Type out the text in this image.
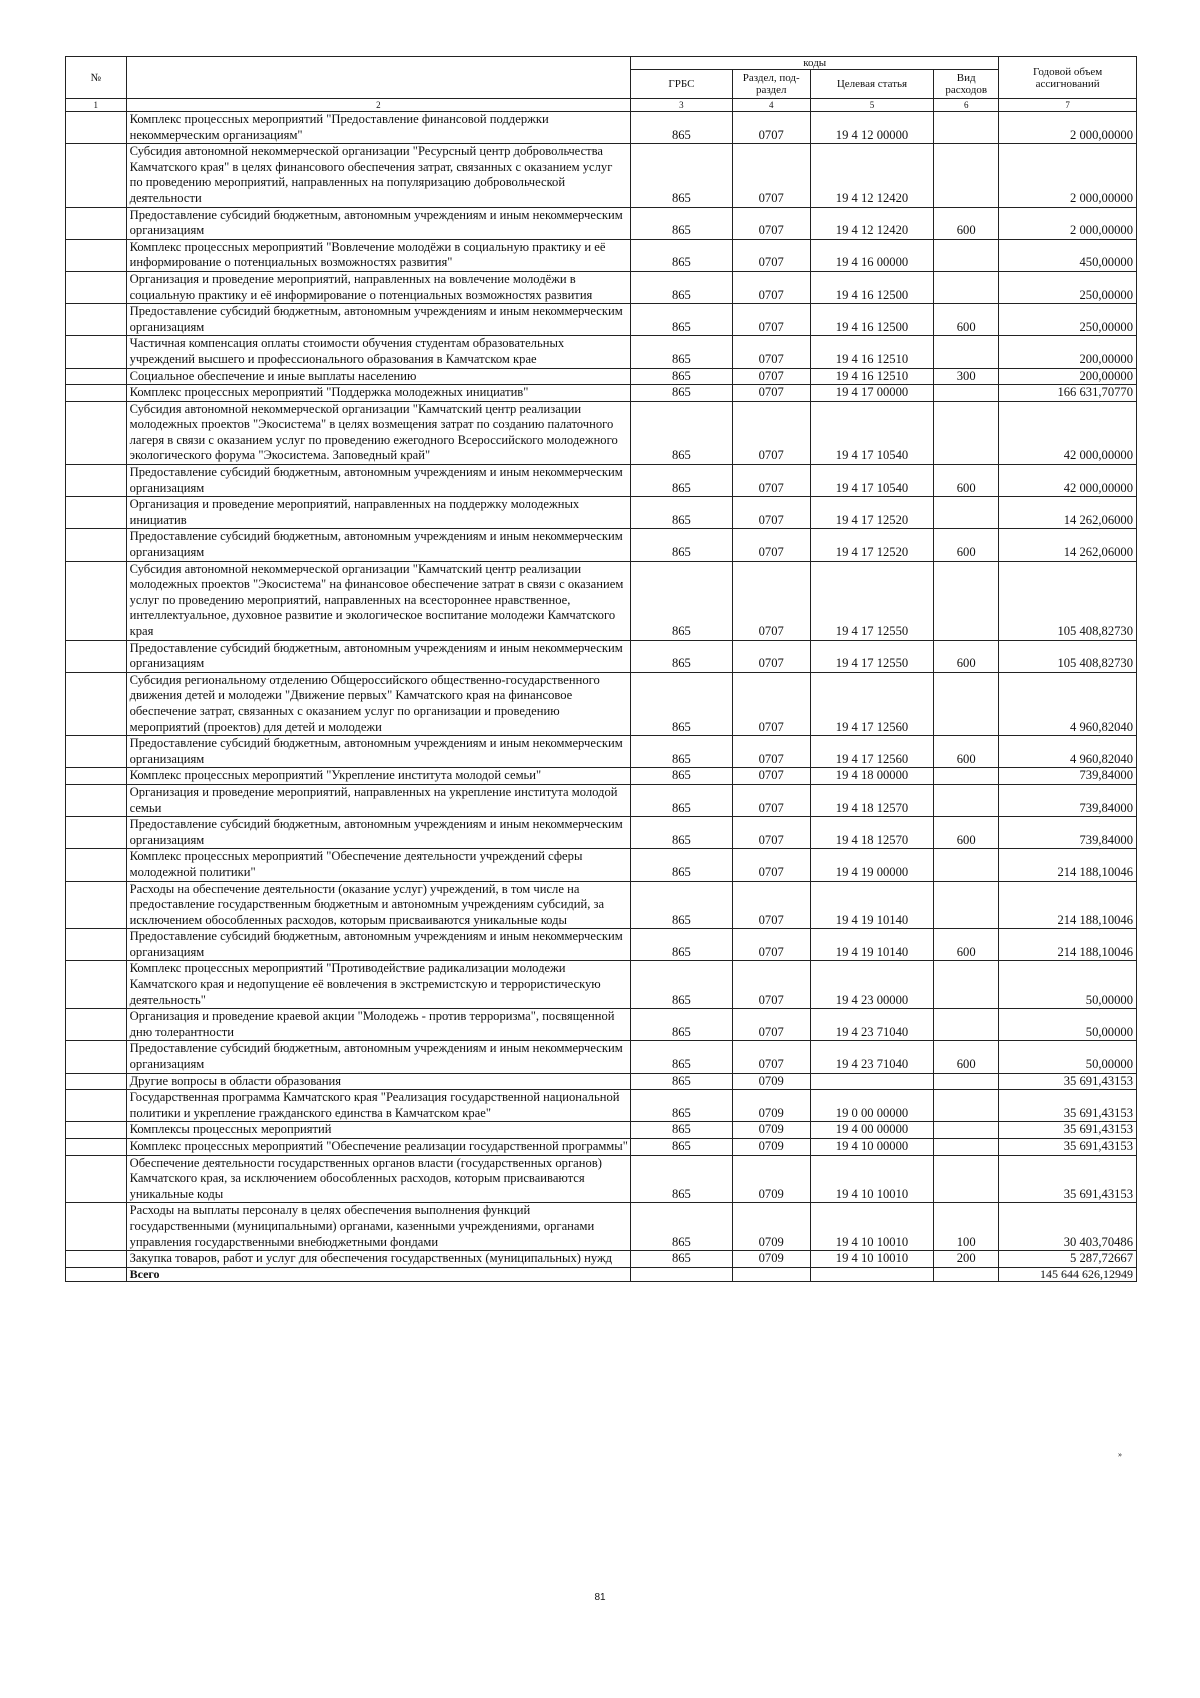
№		коды				Годовой объем ассигнований
		ГРБС	Раздел, под-раздел	Целевая статья	Вид расходов	
1	2	3	4	5	6	7
	Комплекс процессных мероприятий "Предоставление финансовой поддержки некоммерческим организациям"	865	0707	19 4 12 00000		2 000,00000
	Субсидия автономной некоммерческой организации "Ресурсный центр добровольчества Камчатского края" в целях финансового обеспечения затрат, связанных с оказанием услуг по проведению мероприятий, направленных на популяризацию добровольческой деятельности	865	0707	19 4 12 12420		2 000,00000
	Предоставление субсидий бюджетным, автономным учреждениям и иным некоммерческим организациям	865	0707	19 4 12 12420	600	2 000,00000
	Комплекс процессных мероприятий "Вовлечение молодёжи в социальную практику и её информирование о потенциальных возможностях развития"	865	0707	19 4 16 00000		450,00000
	Организация и проведение мероприятий, направленных на вовлечение молодёжи в социальную практику и её информирование о потенциальных возможностях развития	865	0707	19 4 16 12500		250,00000
	Предоставление субсидий бюджетным, автономным учреждениям и иным некоммерческим организациям	865	0707	19 4 16 12500	600	250,00000
	Частичная компенсация оплаты стоимости обучения студентам образовательных учреждений высшего и профессионального образования в Камчатском крае	865	0707	19 4 16 12510		200,00000
	Социальное обеспечение и иные выплаты населению	865	0707	19 4 16 12510	300	200,00000
	Комплекс процессных мероприятий "Поддержка молодежных инициатив"	865	0707	19 4 17 00000		166 631,70770
	Субсидия автономной некоммерческой организации "Камчатский центр реализации молодежных проектов "Экосистема" в целях возмещения затрат по созданию палаточного лагеря в связи с оказанием услуг по проведению ежегодного Всероссийского молодежного экологического форума "Экосистема. Заповедный край"	865	0707	19 4 17 10540		42 000,00000
	Предоставление субсидий бюджетным, автономным учреждениям и иным некоммерческим организациям	865	0707	19 4 17 10540	600	42 000,00000
	Организация и проведение мероприятий, направленных на поддержку молодежных инициатив	865	0707	19 4 17 12520		14 262,06000
	Предоставление субсидий бюджетным, автономным учреждениям и иным некоммерческим организациям	865	0707	19 4 17 12520	600	14 262,06000
	Субсидия автономной некоммерческой организации "Камчатский центр реализации молодежных проектов "Экосистема" на финансовое обеспечение затрат в связи с оказанием услуг по проведению мероприятий, направленных на всестороннее нравственное, интеллектуальное, духовное развитие и экологическое воспитание молодежи Камчатского края	865	0707	19 4 17 12550		105 408,82730
	Предоставление субсидий бюджетным, автономным учреждениям и иным некоммерческим организациям	865	0707	19 4 17 12550	600	105 408,82730
	Субсидия региональному отделению Общероссийского общественно-государственного движения детей и молодежи "Движение первых" Камчатского края на финансовое обеспечение затрат, связанных с оказанием услуг по организации и проведению мероприятий (проектов) для детей и молодежи	865	0707	19 4 17 12560		4 960,82040
	Предоставление субсидий бюджетным, автономным учреждениям и иным некоммерческим организациям	865	0707	19 4 17 12560	600	4 960,82040
	Комплекс процессных мероприятий "Укрепление института молодой семьи"	865	0707	19 4 18 00000		739,84000
	Организация и проведение мероприятий, направленных на укрепление института молодой семьи	865	0707	19 4 18 12570		739,84000
	Предоставление субсидий бюджетным, автономным учреждениям и иным некоммерческим организациям	865	0707	19 4 18 12570	600	739,84000
	Комплекс процессных мероприятий "Обеспечение деятельности учреждений сферы молодежной политики"	865	0707	19 4 19 00000		214 188,10046
	Расходы на обеспечение деятельности (оказание услуг) учреждений, в том числе на предоставление государственным бюджетным и автономным учреждениям субсидий, за исключением обособленных расходов, которым присваиваются уникальные коды	865	0707	19 4 19 10140		214 188,10046
	Предоставление субсидий бюджетным, автономным учреждениям и иным некоммерческим организациям	865	0707	19 4 19 10140	600	214 188,10046
	Комплекс процессных мероприятий "Противодействие радикализации молодежи Камчатского края и недопущение её вовлечения в экстремистскую и террористическую деятельность"	865	0707	19 4 23 00000		50,00000
	Организация и проведение краевой акции "Молодежь - против терроризма", посвященной дню толерантности	865	0707	19 4 23 71040		50,00000
	Предоставление субсидий бюджетным, автономным учреждениям и иным некоммерческим организациям	865	0707	19 4 23 71040	600	50,00000
	Другие вопросы в области образования	865	0709			35 691,43153
	Государственная программа Камчатского края "Реализация государственной национальной политики и укрепление гражданского единства в Камчатском крае"	865	0709	19 0 00 00000		35 691,43153
	Комплексы процессных мероприятий	865	0709	19 4 00 00000		35 691,43153
	Комплекс процессных мероприятий "Обеспечение реализации государственной программы"	865	0709	19 4 10 00000		35 691,43153
	Обеспечение деятельности государственных органов власти (государственных органов) Камчатского края, за исключением обособленных расходов, которым присваиваются уникальные коды	865	0709	19 4 10 10010		35 691,43153
	Расходы на выплаты персоналу в целях обеспечения выполнения функций государственными (муниципальными) органами, казенными учреждениями, органами управления государственными внебюджетными фондами	865	0709	19 4 10 10010	100	30 403,70486
	Закупка товаров, работ и услуг для обеспечения государственных (муниципальных) нужд	865	0709	19 4 10 10010	200	5 287,72667
	Всего					145 644 626,12949
»
81
